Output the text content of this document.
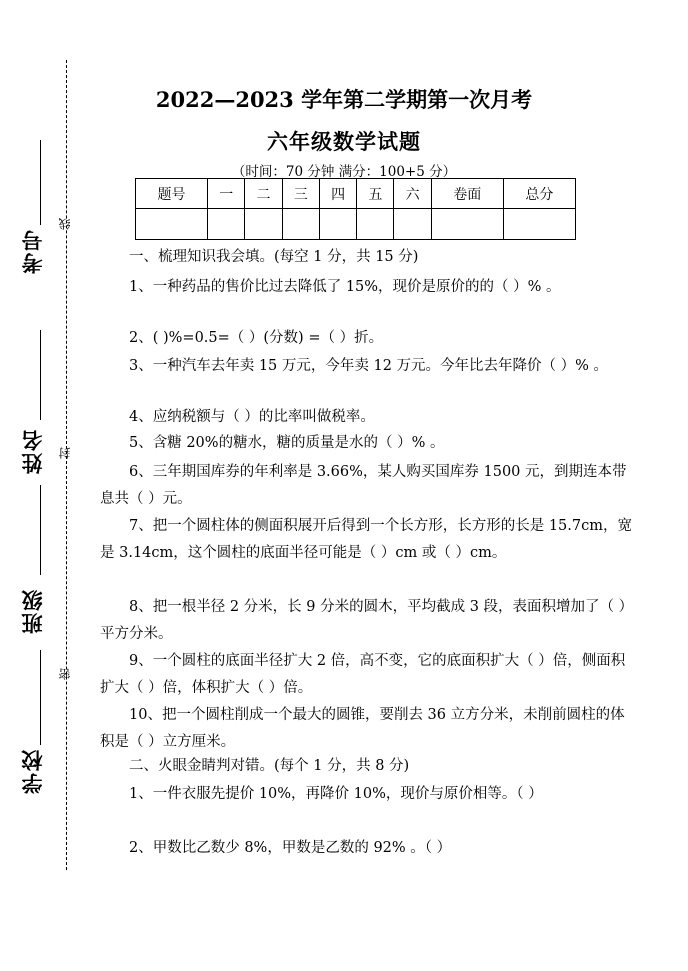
考号
姓名
班级
学校
线
封
密
2022—2023 学年第二学期第一次月考
六年级数学试题
（时间：70 分钟 满分：100+5 分）
题号	一	二	三	四	五	六	卷面	总分

一、梳理知识我会填。(每空 1 分，共 15 分)
1、一种药品的售价比过去降低了 15%，现价是原价的的（ ）% 。
2、( )%=0.5=（ ）(分数) =（ ）折。
3、一种汽车去年卖 15 万元，今年卖 12 万元。今年比去年降价（ ）% 。
4、应纳税额与（ ）的比率叫做税率。
5、含糖 20%的糖水，糖的质量是水的（ ）% 。
6、三年期国库券的年利率是 3.66%，某人购买国库券 1500 元，到期连本带息共（ ）元。
7、把一个圆柱体的侧面积展开后得到一个长方形，长方形的长是 15.7cm，宽是 3.14cm，这个圆柱的底面半径可能是（ ）cm 或（ ）cm。
8、把一根半径 2 分米，长 9 分米的圆木，平均截成 3 段，表面积增加了（ ）平方分米。
9、一个圆柱的底面半径扩大 2 倍，高不变，它的底面积扩大（ ）倍，侧面积扩大（ ）倍，体积扩大（ ）倍。
10、把一个圆柱削成一个最大的圆锥，要削去 36 立方分米，未削前圆柱的体积是（ ）立方厘米。
二、火眼金睛判对错。(每个 1 分，共 8 分)
1、一件衣服先提价 10%，再降价 10%，现价与原价相等。（ ）
2、甲数比乙数少 8%，甲数是乙数的 92% 。（ ）
